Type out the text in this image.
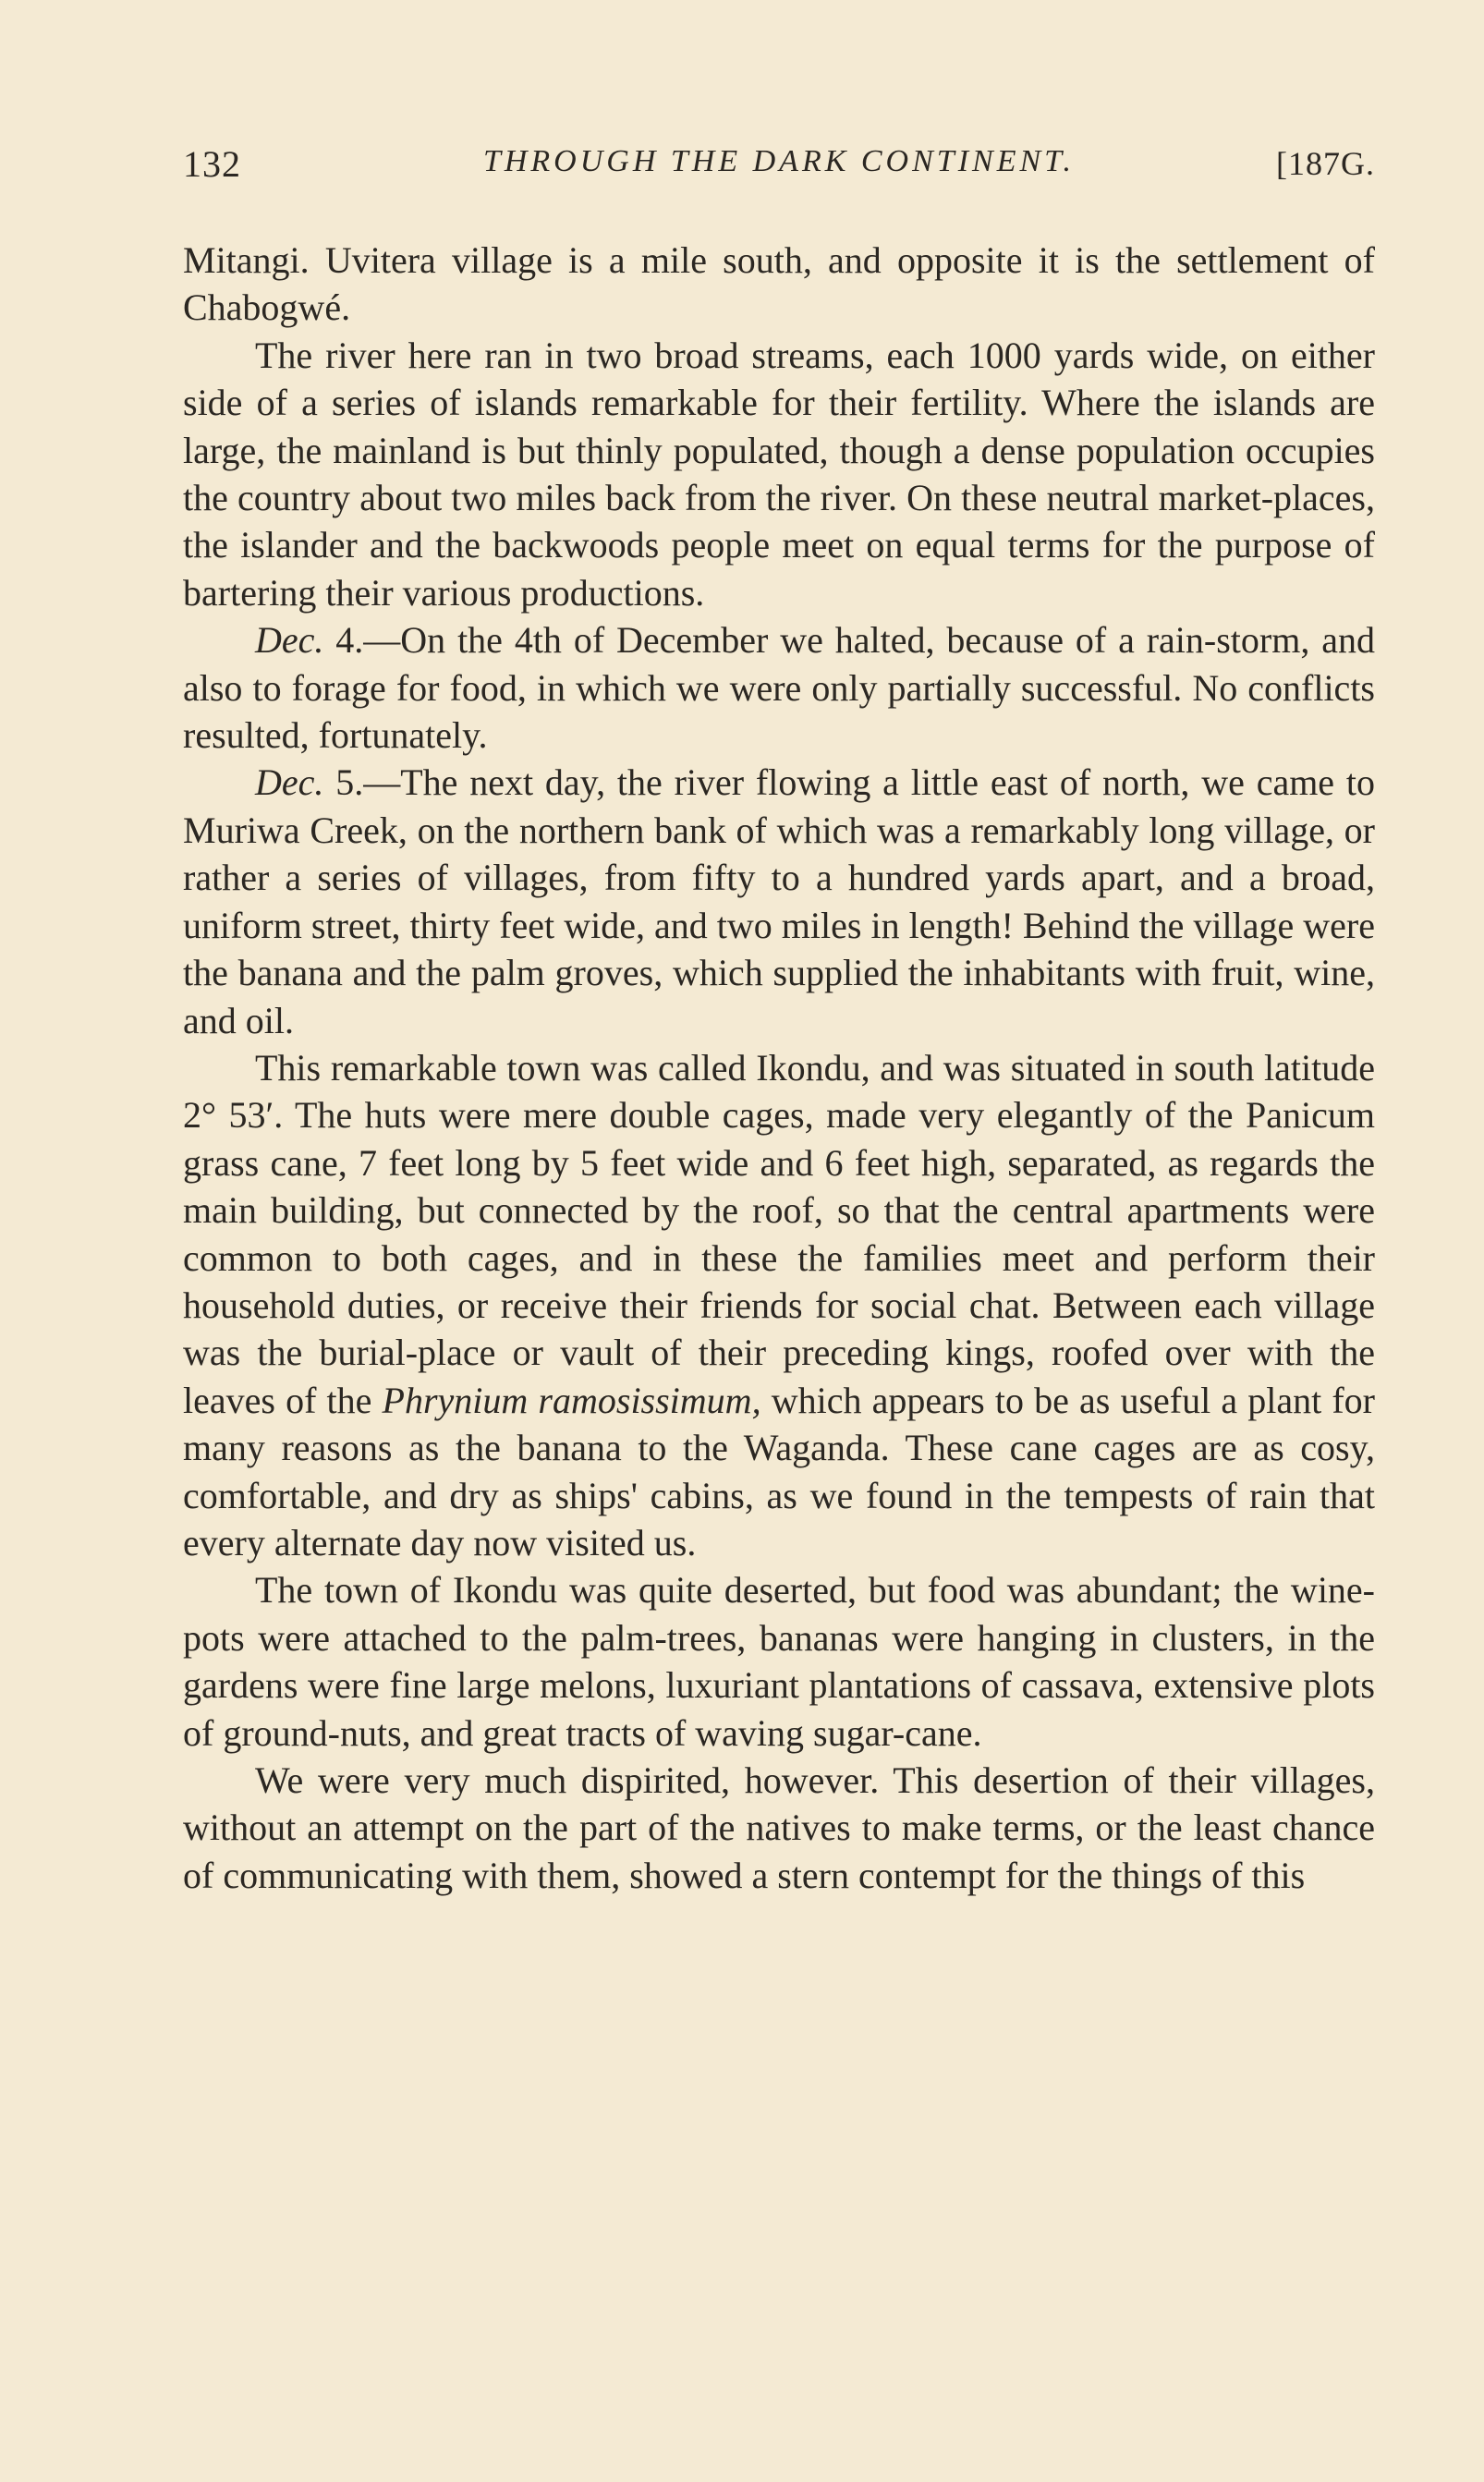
132	THROUGH THE DARK CONTINENT.	[187G.

Mitangi. Uvitera village is a mile south, and opposite it is the settlement of Chabogwé.

The river here ran in two broad streams, each 1000 yards wide, on either side of a series of islands remarkable for their fertility. Where the islands are large, the mainland is but thinly populated, though a dense population occupies the country about two miles back from the river. On these neutral market-places, the islander and the backwoods people meet on equal terms for the purpose of bartering their various productions.

Dec. 4.—On the 4th of December we halted, because of a rain-storm, and also to forage for food, in which we were only partially successful. No conflicts resulted, fortunately.

Dec. 5.—The next day, the river flowing a little east of north, we came to Muriwa Creek, on the northern bank of which was a remarkably long village, or rather a series of villages, from fifty to a hundred yards apart, and a broad, uniform street, thirty feet wide, and two miles in length! Behind the village were the banana and the palm groves, which supplied the inhabitants with fruit, wine, and oil.

This remarkable town was called Ikondu, and was situated in south latitude 2° 53′. The huts were mere double cages, made very elegantly of the Panicum grass cane, 7 feet long by 5 feet wide and 6 feet high, separated, as regards the main building, but connected by the roof, so that the central apartments were common to both cages, and in these the families meet and perform their household duties, or receive their friends for social chat. Between each village was the burial-place or vault of their preceding kings, roofed over with the leaves of the Phrynium ramosissimum, which appears to be as useful a plant for many reasons as the banana to the Waganda. These cane cages are as cosy, comfortable, and dry as ships' cabins, as we found in the tempests of rain that every alternate day now visited us.

The town of Ikondu was quite deserted, but food was abundant; the wine-pots were attached to the palm-trees, bananas were hanging in clusters, in the gardens were fine large melons, luxuriant plantations of cassava, extensive plots of ground-nuts, and great tracts of waving sugar-cane.

We were very much dispirited, however. This desertion of their villages, without an attempt on the part of the natives to make terms, or the least chance of communicating with them, showed a stern contempt for the things of this
